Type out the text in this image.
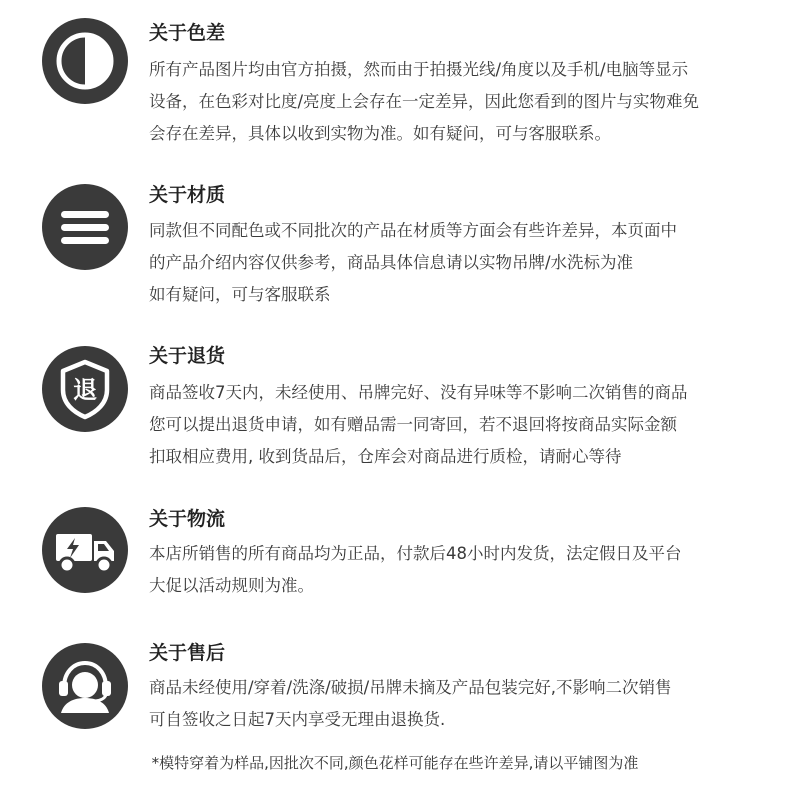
关于色差
所有产品图片均由官方拍摄，然而由于拍摄光线/角度以及手机/电脑等显示
设备，在色彩对比度/亮度上会存在一定差异，因此您看到的图片与实物难免
会存在差异，具体以收到实物为准。如有疑问，可与客服联系。
关于材质
同款但不同配色或不同批次的产品在材质等方面会有些许差异，本页面中
的产品介绍内容仅供参考，商品具体信息请以实物吊牌/水洗标为准
如有疑问，可与客服联系
退
关于退货
商品签收7天内，未经使用、吊牌完好、没有异味等不影响二次销售的商品
您可以提出退货申请，如有赠品需一同寄回，若不退回将按商品实际金额
扣取相应费用, 收到货品后，仓库会对商品进行质检，请耐心等待
关于物流
本店所销售的所有商品均为正品，付款后48小时内发货，法定假日及平台
大促以活动规则为准。
关于售后
商品未经使用/穿着/洗涤/破损/吊牌未摘及产品包装完好,不影响二次销售
可自签收之日起7天内享受无理由退换货.
*模特穿着为样品,因批次不同,颜色花样可能存在些许差异,请以平铺图为准
